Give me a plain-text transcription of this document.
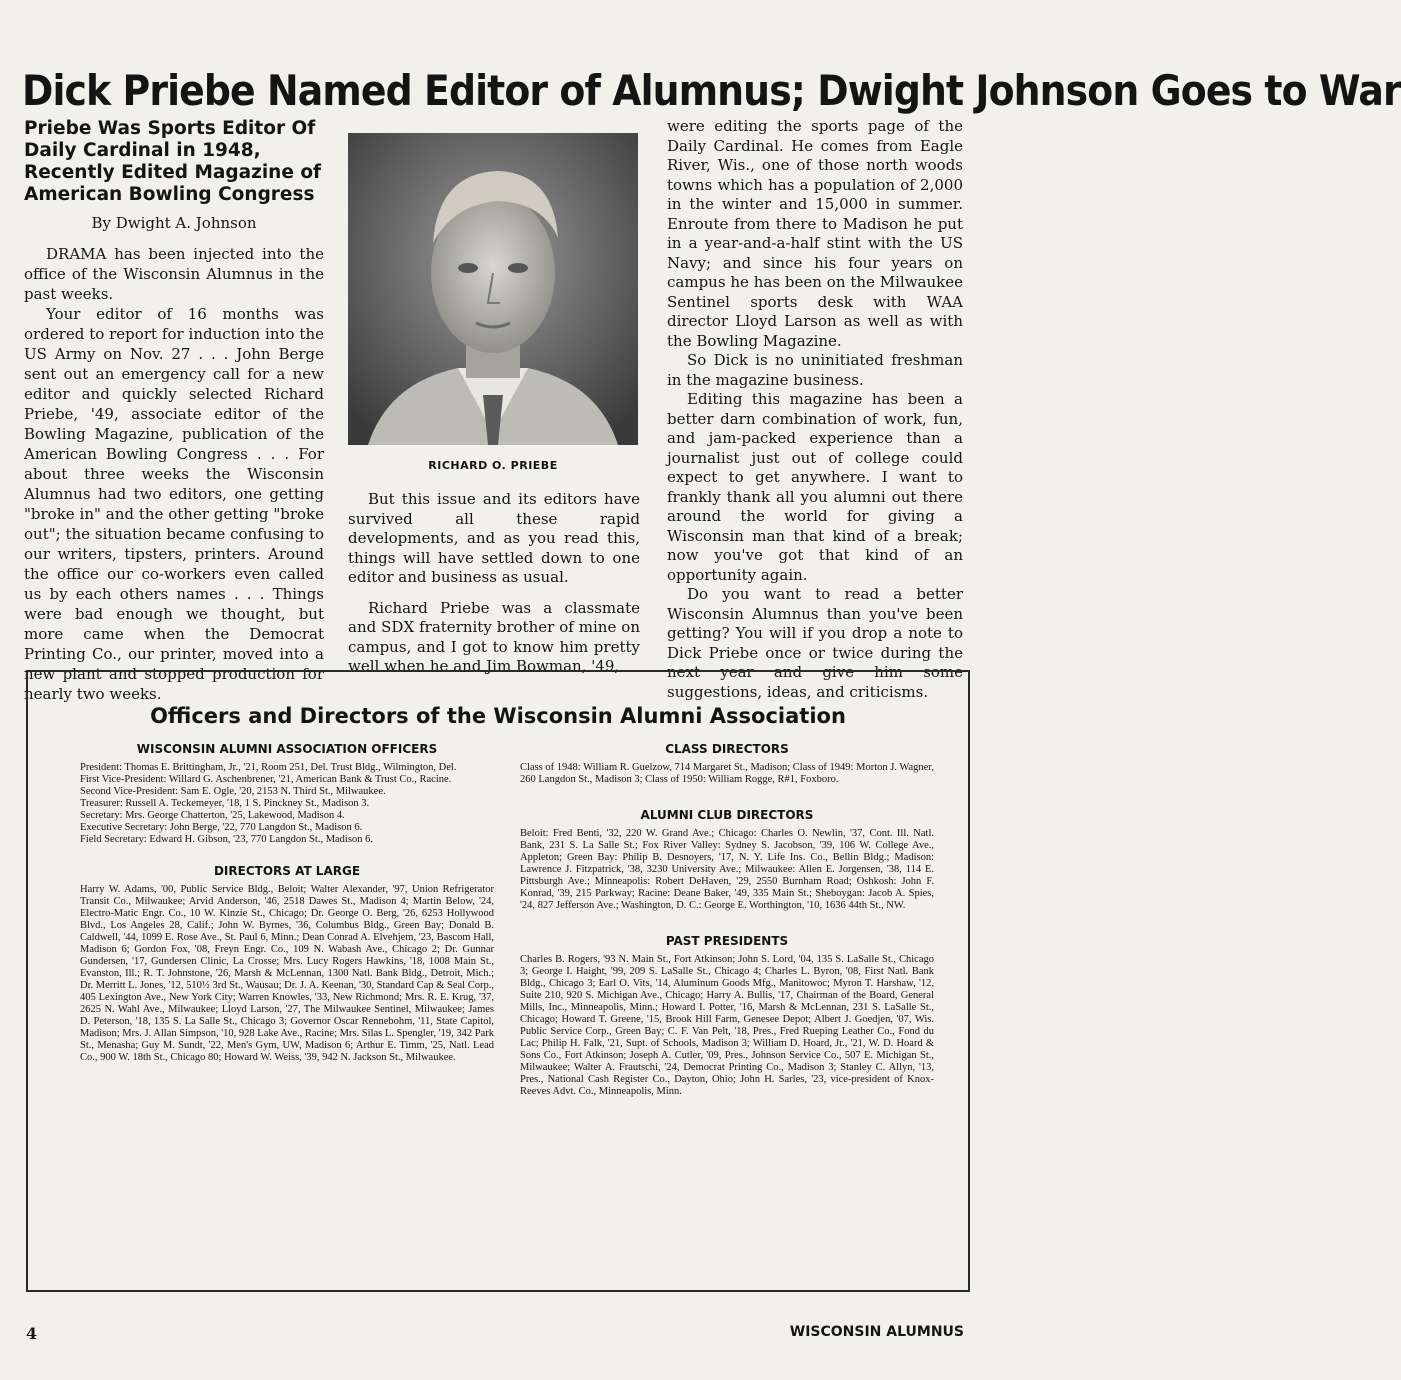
Dick Priebe Named Editor of Alumnus; Dwight Johnson Goes to War

Priebe Was Sports Editor Of Daily Cardinal in 1948, Recently Edited Magazine of American Bowling Congress

By Dwight A. Johnson

DRAMA has been injected into the office of the Wisconsin Alumnus in the past weeks.

Your editor of 16 months was ordered to report for induction into the US Army on Nov. 27 . . . John Berge sent out an emergency call for a new editor and quickly selected Richard Priebe, '49, associate editor of the Bowling Magazine, publication of the American Bowling Congress . . . For about three weeks the Wisconsin Alumnus had two editors, one getting "broke in" and the other getting "broke out"; the situation became confusing to our writers, tipsters, printers. Around the office our co-workers even called us by each others names . . . Things were bad enough we thought, but more came when the Democrat Printing Co., our printer, moved into a new plant and stopped production for nearly two weeks.

RICHARD O. PRIEBE

But this issue and its editors have survived all these rapid developments, and as you read this, things will have settled down to one editor and business as usual.

Richard Priebe was a classmate and SDX fraternity brother of mine on campus, and I got to know him pretty well when he and Jim Bowman, '49,

were editing the sports page of the Daily Cardinal. He comes from Eagle River, Wis., one of those north woods towns which has a population of 2,000 in the winter and 15,000 in summer. Enroute from there to Madison he put in a year-and-a-half stint with the US Navy; and since his four years on campus he has been on the Milwaukee Sentinel sports desk with WAA director Lloyd Larson as well as with the Bowling Magazine.

So Dick is no uninitiated freshman in the magazine business.

Editing this magazine has been a better darn combination of work, fun, and jam-packed experience than a journalist just out of college could expect to get anywhere. I want to frankly thank all you alumni out there around the world for giving a Wisconsin man that kind of a break; now you've got that kind of an opportunity again.

Do you want to read a better Wisconsin Alumnus than you've been getting? You will if you drop a note to Dick Priebe once or twice during the next year and give him some suggestions, ideas, and criticisms.

Officers and Directors of the Wisconsin Alumni Association
WISCONSIN ALUMNI ASSOCIATION OFFICERS

President: Thomas E. Brittingham, Jr., '21, Room 251, Del. Trust Bldg., Wilmington, Del.

First Vice-President: Willard G. Aschenbrener, '21, American Bank & Trust Co., Racine.

Second Vice-President: Sam E. Ogle, '20, 2153 N. Third St., Milwaukee.

Treasurer: Russell A. Teckemeyer, '18, 1 S. Pinckney St., Madison 3.

Secretary: Mrs. George Chatterton, '25, Lakewood, Madison 4.

Executive Secretary: John Berge, '22, 770 Langdon St., Madison 6.

Field Secretary: Edward H. Gibson, '23, 770 Langdon St., Madison 6.

DIRECTORS AT LARGE

Harry W. Adams, '00, Public Service Bldg., Beloit; Walter Alexander, '97, Union Refrigerator Transit Co., Milwaukee; Arvid Anderson, '46, 2518 Dawes St., Madison 4; Martin Below, '24, Electro-Matic Engr. Co., 10 W. Kinzie St., Chicago; Dr. George O. Berg, '26, 6253 Hollywood Blvd., Los Angeles 28, Calif.; John W. Byrnes, '36, Columbus Bldg., Green Bay; Donald B. Caldwell, '44, 1099 E. Rose Ave., St. Paul 6, Minn.; Dean Conrad A. Elvehjem, '23, Bascom Hall, Madison 6; Gordon Fox, '08, Freyn Engr. Co., 109 N. Wabash Ave., Chicago 2; Dr. Gunnar Gundersen, '17, Gundersen Clinic, La Crosse; Mrs. Lucy Rogers Hawkins, '18, 1008 Main St., Evanston, Ill.; R. T. Johnstone, '26, Marsh & McLennan, 1300 Natl. Bank Bldg., Detroit, Mich.; Dr. Merritt L. Jones, '12, 510½ 3rd St., Wausau; Dr. J. A. Keenan, '30, Standard Cap & Seal Corp., 405 Lexington Ave., New York City; Warren Knowles, '33, New Richmond; Mrs. R. E. Krug, '37, 2625 N. Wahl Ave., Milwaukee; Lloyd Larson, '27, The Milwaukee Sentinel, Milwaukee; James D. Peterson, '18, 135 S. La Salle St., Chicago 3; Governor Oscar Rennebohm, '11, State Capitol, Madison; Mrs. J. Allan Simpson, '10, 928 Lake Ave., Racine; Mrs. Silas L. Spengler, '19, 342 Park St., Menasha; Guy M. Sundt, '22, Men's Gym, UW, Madison 6; Arthur E. Timm, '25, Natl. Lead Co., 900 W. 18th St., Chicago 80; Howard W. Weiss, '39, 942 N. Jackson St., Milwaukee.

CLASS DIRECTORS

Class of 1948: William R. Guelzow, 714 Margaret St., Madison; Class of 1949: Morton J. Wagner, 260 Langdon St., Madison 3; Class of 1950: William Rogge, R#1, Foxboro.

ALUMNI CLUB DIRECTORS

Beloit: Fred Benti, '32, 220 W. Grand Ave.; Chicago: Charles O. Newlin, '37, Cont. Ill. Natl. Bank, 231 S. La Salle St.; Fox River Valley: Sydney S. Jacobson, '39, 106 W. College Ave., Appleton; Green Bay: Philip B. Desnoyers, '17, N. Y. Life Ins. Co., Bellin Bldg.; Madison: Lawrence J. Fitzpatrick, '38, 3230 University Ave.; Milwaukee: Allen E. Jorgensen, '38, 114 E. Pittsburgh Ave.; Minneapolis: Robert DeHaven, '29, 2550 Burnham Road; Oshkosh: John F. Konrad, '39, 215 Parkway; Racine: Deane Baker, '49, 335 Main St.; Sheboygan: Jacob A. Spies, '24, 827 Jefferson Ave.; Washington, D. C.: George E. Worthington, '10, 1636 44th St., NW.

PAST PRESIDENTS

Charles B. Rogers, '93 N. Main St., Fort Atkinson; John S. Lord, '04, 135 S. LaSalle St., Chicago 3; George I. Haight, '99, 209 S. LaSalle St., Chicago 4; Charles L. Byron, '08, First Natl. Bank Bldg., Chicago 3; Earl O. Vits, '14, Aluminum Goods Mfg., Manitowoc; Myron T. Harshaw, '12, Suite 210, 920 S. Michigan Ave., Chicago; Harry A. Bullis, '17, Chairman of the Board, General Mills, Inc., Minneapolis, Minn.; Howard I. Potter, '16, Marsh & McLennan, 231 S. LaSalle St., Chicago; Howard T. Greene, '15, Brook Hill Farm, Genesee Depot; Albert J. Goedjen, '07, Wis. Public Service Corp., Green Bay; C. F. Van Pelt, '18, Pres., Fred Rueping Leather Co., Fond du Lac; Philip H. Falk, '21, Supt. of Schools, Madison 3; William D. Hoard, Jr., '21, W. D. Hoard & Sons Co., Fort Atkinson; Joseph A. Cutler, '09, Pres., Johnson Service Co., 507 E. Michigan St., Milwaukee; Walter A. Frautschi, '24, Democrat Printing Co., Madison 3; Stanley C. Allyn, '13, Pres., National Cash Register Co., Dayton, Ohio; John H. Sarles, '23, vice-president of Knox-Reeves Advt. Co., Minneapolis, Minn.

4	WISCONSIN ALUMNUS
